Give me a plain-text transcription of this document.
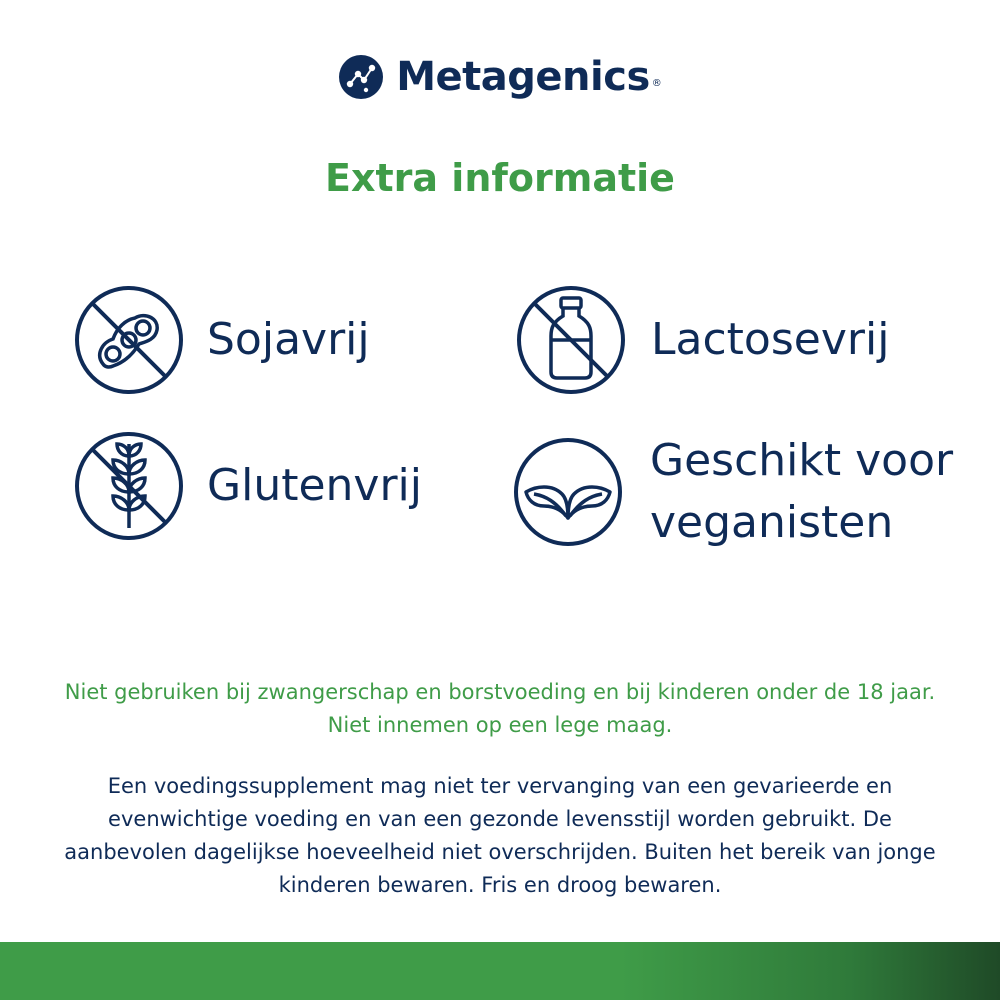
Metagenics ®
Extra informatie
Sojavrij	Lactosevrij
Glutenvrij	Geschikt voor veganisten
Niet gebruiken bij zwangerschap en borstvoeding en bij kinderen onder de 18 jaar. Niet innemen op een lege maag.
Een voedingssupplement mag niet ter vervanging van een gevarieerde en evenwichtige voeding en van een gezonde levensstijl worden gebruikt. De aanbevolen dagelijkse hoeveelheid niet overschrijden. Buiten het bereik van jonge kinderen bewaren. Fris en droog bewaren.
